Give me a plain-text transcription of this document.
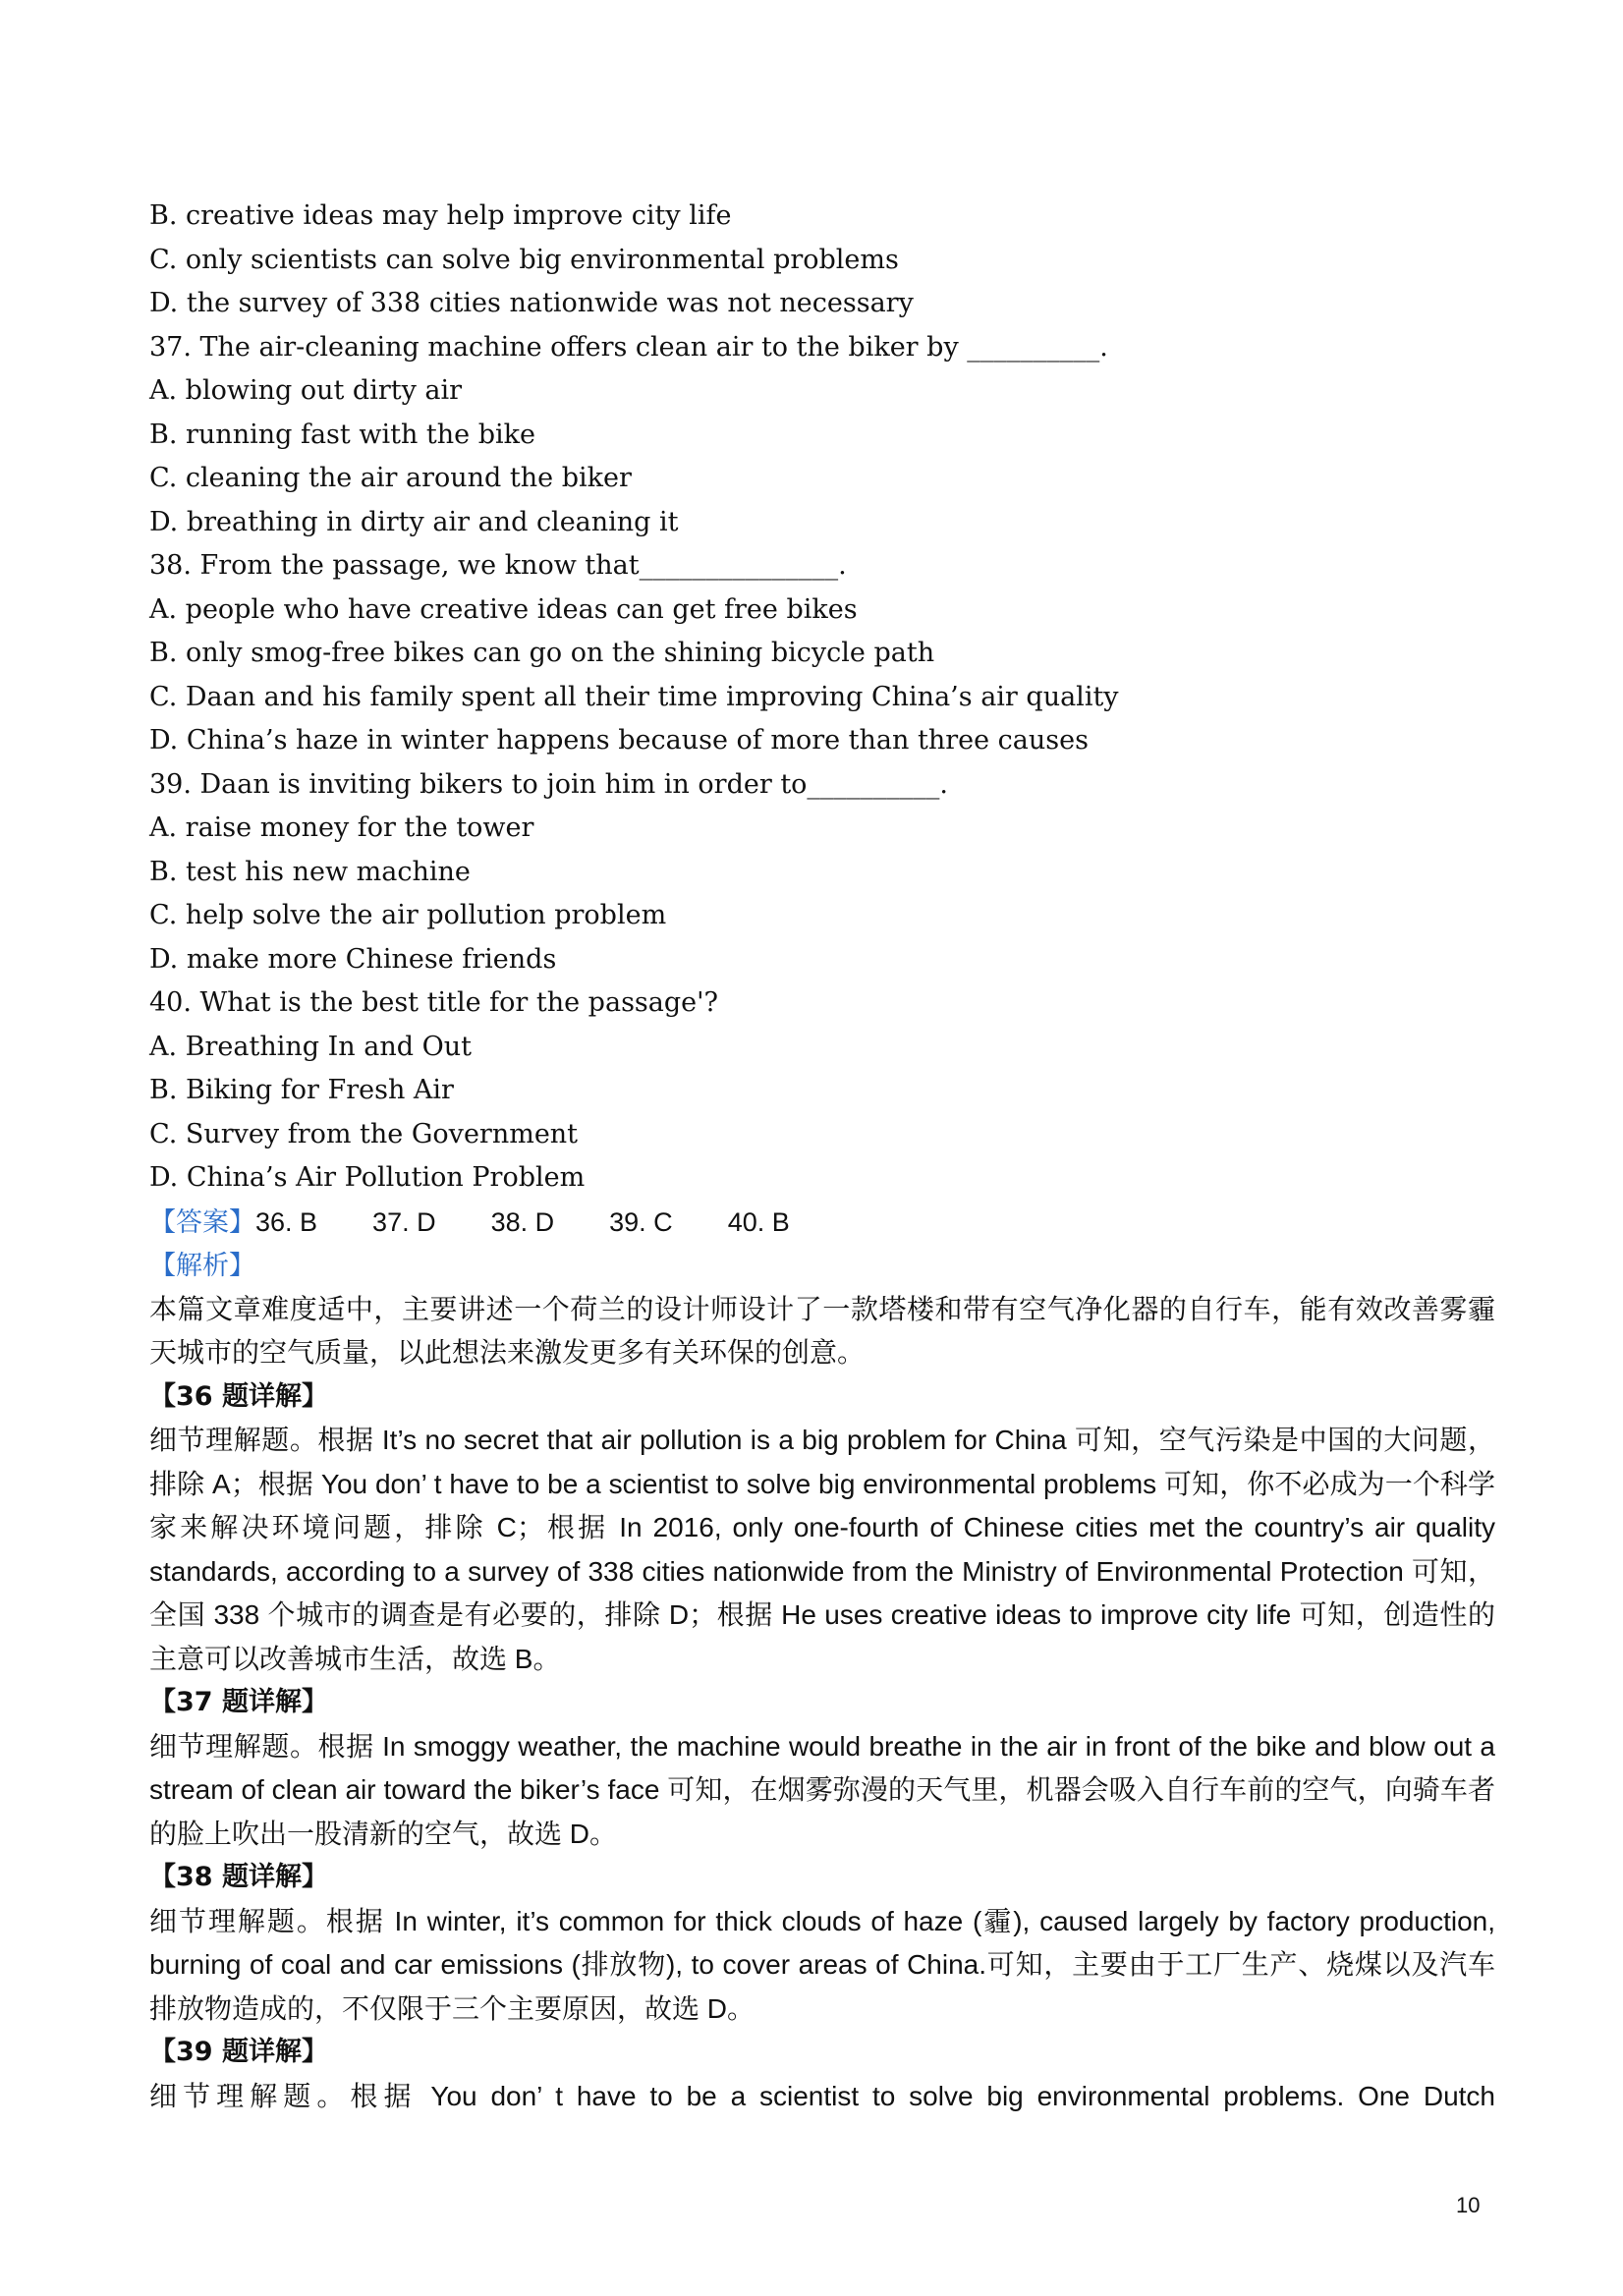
B. creative ideas may help improve city life
C. only scientists can solve big environmental problems
D. the survey of 338 cities nationwide was not necessary
37. The air-cleaning machine offers clean air to the biker by __________.
A. blowing out dirty air
B. running fast with the bike
C. cleaning the air around the biker
D. breathing in dirty air and cleaning it
38. From the passage, we know that_______________.
A. people who have creative ideas can get free bikes
B. only smog-free bikes can go on the shining bicycle path
C. Daan and his family spent all their time improving China’s air quality
D. China’s haze in winter happens because of more than three causes
39. Daan is inviting bikers to join him in order to__________.
A. raise money for the tower
B. test his new machine
C. help solve the air pollution problem
D. make more Chinese friends
40. What is the best title for the passage'?
A. Breathing In and Out
B. Biking for Fresh Air
C. Survey from the Government
D. China’s Air Pollution Problem
【答案】36. B 37. D 38. D 39. C 40. B
【解析】
本篇文章难度适中，主要讲述一个荷兰的设计师设计了一款塔楼和带有空气净化器的自行车，能有效改善雾霾天城市的空气质量，以此想法来激发更多有关环保的创意。
【36 题详解】
细节理解题。根据 It’s no secret that air pollution is a big problem for China 可知，空气污染是中国的大问题，排除 A；根据 You don’ t have to be a scientist to solve big environmental problems 可知，你不必成为一个科学家来解决环境问题，排除 C；根据 In 2016, only one-fourth of Chinese cities met the country’s air quality standards, according to a survey of 338 cities nationwide from the Ministry of Environmental Protection 可知，全国 338 个城市的调查是有必要的，排除 D；根据 He uses creative ideas to improve city life 可知，创造性的主意可以改善城市生活，故选 B。
【37 题详解】
细节理解题。根据 In smoggy weather, the machine would breathe in the air in front of the bike and blow out a stream of clean air toward the biker’s face 可知，在烟雾弥漫的天气里，机器会吸入自行车前的空气，向骑车者的脸上吹出一股清新的空气，故选 D。
【38 题详解】
细节理解题。根据 In winter, it’s common for thick clouds of haze (霾), caused largely by factory production, burning of coal and car emissions (排放物), to cover areas of China.可知，主要由于工厂生产、烧煤以及汽车排放物造成的，不仅限于三个主要原因，故选 D。
【39 题详解】
细节理解题。根据 You don’ t have to be a scientist to solve big environmental problems. One Dutch
10
